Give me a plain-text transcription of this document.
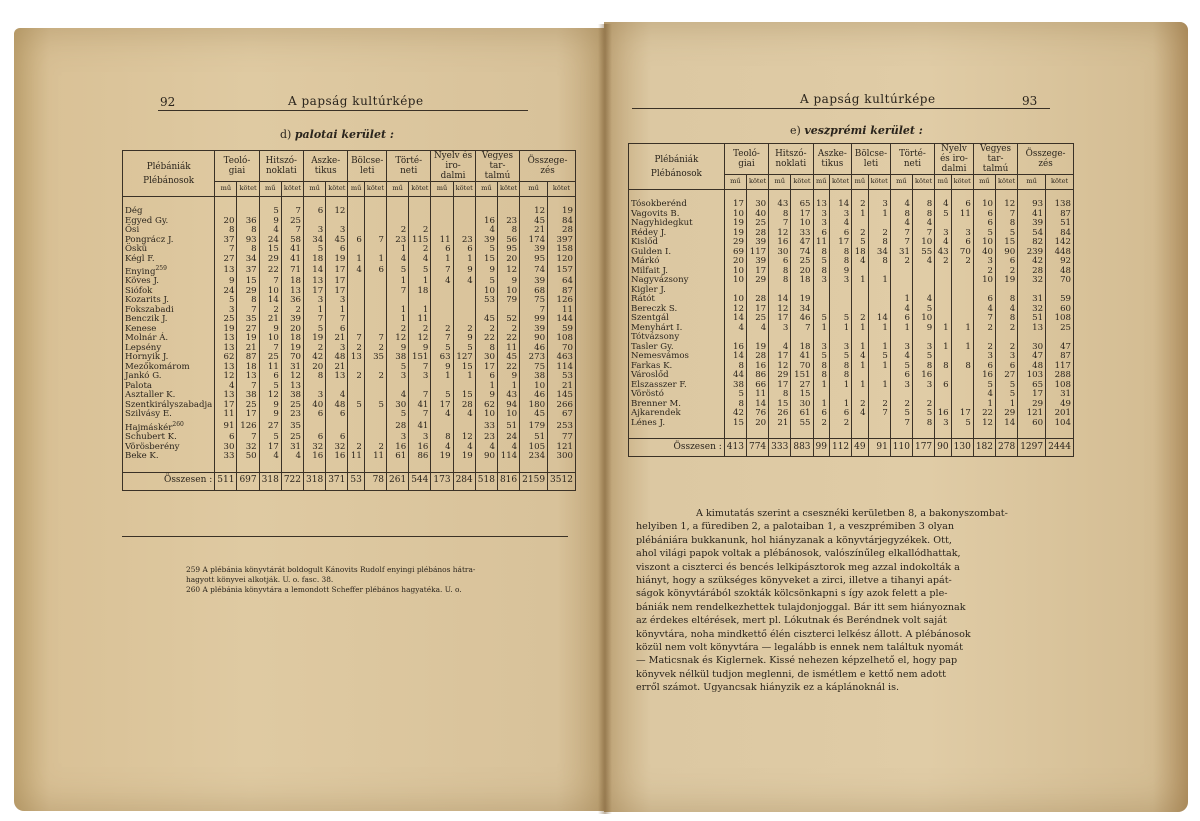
92	A papság kultúrképe
d) palotai kerület :
Plébániák
Plébánosok	Teoló-giai		Hitszó-noklati		Aszke-tikus		Bölcse-leti		Törté-neti		Nyelv és iro-dalmi		Vegyes tar-talmú		Összege-zés	
	mű	kötet	mű	kötet	mű	kötet	mű	kötet	mű	kötet	mű	kötet	mű	kötet	mű	kötet

Dég			5	7	6	12									12	19
Egyed Gy.	20	36	9	25									16	23	45	84
Ősi	8	8	4	7	3	3			2	2			4	8	21	28
Pongrácz J.	37	93	24	58	34	45	6	7	23	115	11	23	39	56	174	397
Öskü	7	8	15	41	5	6			1	2	6	6	5	95	39	158
Kégl F.	27	34	29	41	18	19	1	1	4	4	1	1	15	20	95	120
Enying$^{259}$	13	37	22	71	14	17	4	6	5	5	7	9	9	12	74	157
Köves J.	9	15	7	18	13	17			1	1	4	4	5	9	39	64
Siófok	24	29	10	13	17	17			7	18			10	10	68	87
Kozarits J.	5	8	14	36	3	3							53	79	75	126
Fokszabadi	3	7	2	2	1	1			1	1					7	11
Benczik J.	25	35	21	39	7	7			1	11			45	52	99	144
Kenese	19	27	9	20	5	6			2	2	2	2	2	2	39	59
Molnár Á.	13	19	10	18	19	21	7	7	12	12	7	9	22	22	90	108
Lepsény	13	21	7	19	2	3	2	2	9	9	5	5	8	11	46	70
Hornyik J.	62	87	25	70	42	48	13	35	38	151	63	127	30	45	273	463
Mezőkomárom	13	18	11	31	20	21			5	7	9	15	17	22	75	114
Jankó G.	12	13	6	12	8	13	2	2	3	3	1	1	6	9	38	53
Palota	4	7	5	13									1	1	10	21
Asztaller K.	13	38	12	38	3	4			4	7	5	15	9	43	46	145
Szentkirályszabadja	17	25	9	25	40	48	5	5	30	41	17	28	62	94	180	266
Szilvásy E.	11	17	9	23	6	6			5	7	4	4	10	10	45	67
Hajmáskér$^{260}$	91	126	27	35					28	41			33	51	179	253
Schubert K.	6	7	5	25	6	6			3	3	8	12	23	24	51	77
Vörösberény	30	32	17	31	32	32	2	2	16	16	4	4	4	4	105	121
Beke K.	33	50	4	4	16	16	11	11	61	86	19	19	90	114	234	300

Összesen :	511	697	318	722	318	371	53	78	261	544	173	284	518	816	2159	3512
259 A plébánia könyvtárát boldogult Kánovits Rudolf enyingi plébános hátra-
hagyott könyvei alkotják. U. o. fasc. 38.
260 A plébánia könyvtára a lemondott Scheffer plébános hagyatéka. U. o.
A papság kultúrképe	93
e) veszprémi kerület :
Plébániák
Plébánosok	Teoló-giai		Hitszó-noklati		Aszke-tikus		Bölcse-leti		Törté-neti		Nyelv és iro-dalmi		Vegyes tar-talmú		Összege-zés	
	mű	kötet	mű	kötet	mű	kötet	mű	kötet	mű	kötet	mű	kötet	mű	kötet	mű	kötet

Tósokberénd	17	30	43	65	13	14	2	3	4	8	4	6	10	12	93	138
Vagovits B.	10	40	8	17	3	3	1	1	8	8	5	11	6	7	41	87
Nagyhidegkut	19	25	7	10	3	4			4	4			6	8	39	51
Rédey J.	19	28	12	33	6	6	2	2	7	7	3	3	5	5	54	84
Kislőd	29	39	16	47	11	17	5	8	7	10	4	6	10	15	82	142
Gulden I.	69	117	30	74	8	8	18	34	31	55	43	70	40	90	239	448
Márkó	20	39	6	25	5	8	4	8	2	4	2	2	3	6	42	92
Milfait J.	10	17	8	20	8	9							2	2	28	48
Nagyvázsony	10	29	8	18	3	3	1	1					10	19	32	70
Kigler J.																
Rátót	10	28	14	19					1	4			6	8	31	59
Bereczk S.	12	17	12	34					4	5			4	4	32	60
Szentgál	14	25	17	46	5	5	2	14	6	10			7	8	51	108
Menyhárt I.	4	4	3	7	1	1	1	1	1	9	1	1	2	2	13	25
Tótvázsony																
Tasler Gy.	16	19	4	18	3	3	1	1	3	3	1	1	2	2	30	47
Nemesvámos	14	28	17	41	5	5	4	5	4	5			3	3	47	87
Farkas K.	8	16	12	70	8	8	1	1	5	8	8	8	6	6	48	117
Városlőd	44	86	29	151	8	8			6	16			16	27	103	288
Elszasszer F.	38	66	17	27	1	1	1	1	3	3	6		5	5	65	108
Vöröstó	5	11	8	15									4	5	17	31
Brenner M.	8	14	15	30	1	1	2	2	2	2			1	1	29	49
Ajkarendek	42	76	26	61	6	6	4	7	5	5	16	17	22	29	121	201
Lénes J.	15	20	21	55	2	2			7	8	3	5	12	14	60	104

Összesen :	413	774	333	883	99	112	49	91	110	177	90	130	182	278	1297	2444

A kimutatás szerint a csesznéki kerületben 8, a bakonyszombat-

helyiben 1, a fürediben 2, a palotaiban 1, a veszprémiben 3 olyan

plébániára bukkanunk, hol hiányzanak a könyvtárjegyzékek. Ott,

ahol világi papok voltak a plébánosok, valószínűleg elkallódhattak,

viszont a ciszterci és bencés lelkipásztorok meg azzal indokolták a

hiányt, hogy a szükséges könyveket a zirci, illetve a tihanyi apát-

ságok könyvtárából szokták kölcsönkapni s így azok felett a ple-

bániák nem rendelkezhettek tulajdonjoggal. Bár itt sem hiányoznak

az érdekes eltérések, mert pl. Lókutnak és Beréndnek volt saját

könyvtára, noha mindkettő élén ciszterci lelkész állott. A plébánosok

közül nem volt könyvtára — legalább is ennek nem találtuk nyomát

— Maticsnak és Kiglernek. Kissé nehezen képzelhető el, hogy pap

könyvek nélkül tudjon meglenni, de ismétlem e kettő nem adott

erről számot. Ugyancsak hiányzik ez a káplánoknál is.
